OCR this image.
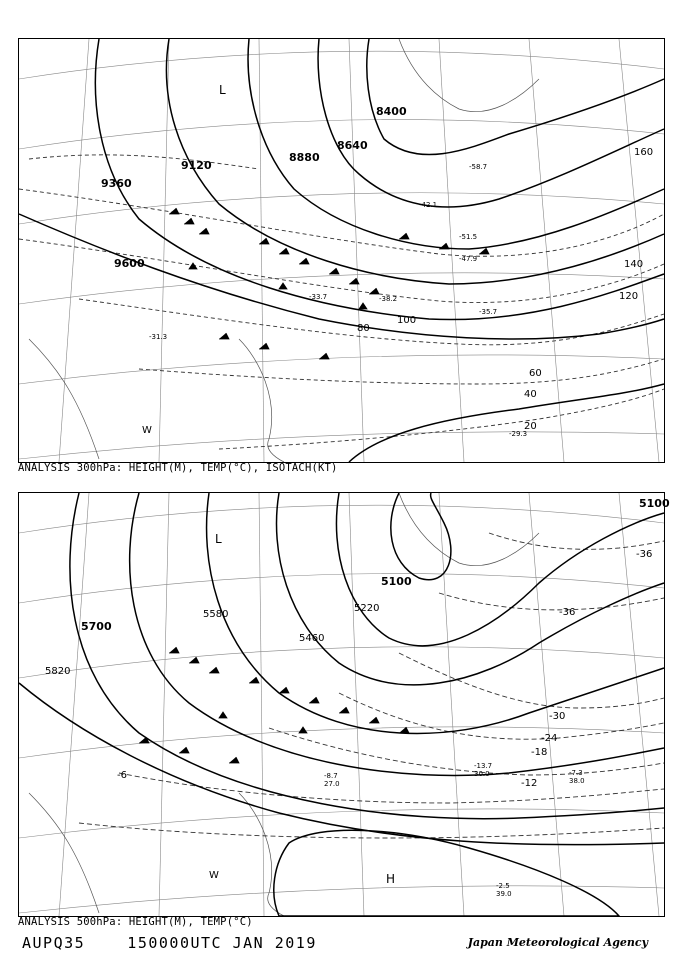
8400
8640
8880
9120
9360
9600
20
40
60
80
100
120
140
160
-31.3
-35.7
-38.2
-42.1
-47.9
-51.5
-58.7
-29.3
-33.7
L
W
ANALYSIS 300hPa: HEIGHT(M), TEMP(°C), ISOTACH(KT)
5100
5220
5460
5580
5700
5820
5100
-6
-12
-18
-24
-30
-36
-36
-2.5
39.0
-13.7
30.0
-8.7
27.0
-7.3
38.0
L
H
W
ANALYSIS 500hPa: HEIGHT(M), TEMP(°C)
AUPQ35    150000UTC JAN 2019	Japan Meteorological Agency
